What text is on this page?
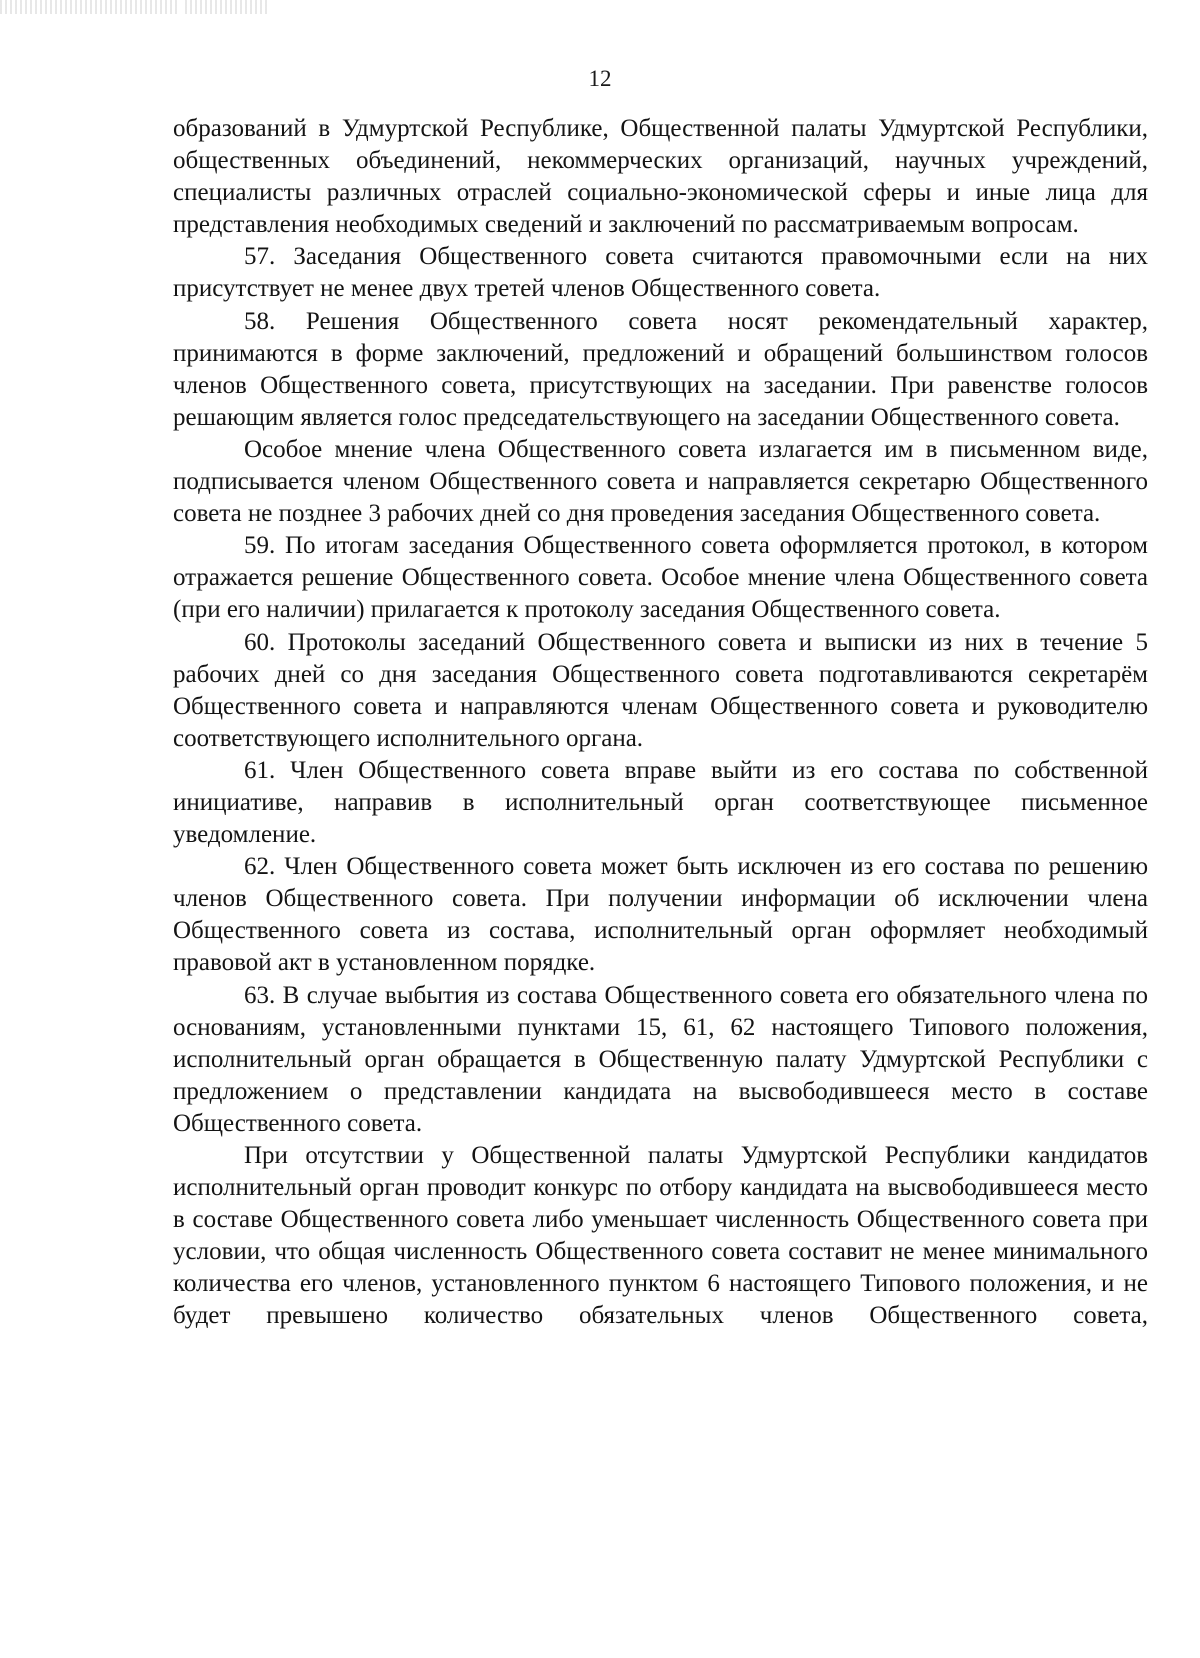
12

образований в Удмуртской Республике, Общественной палаты Удмуртской Республики, общественных объединений, некоммерческих организаций, научных учреждений, специалисты различных отраслей социально-экономической сферы и иные лица для представления необходимых сведений и заключений по рассматриваемым вопросам.

57. Заседания Общественного совета считаются правомочными если на них присутствует не менее двух третей членов Общественного совета.

58. Решения Общественного совета носят рекомендательный характер, принимаются в форме заключений, предложений и обращений большинством голосов членов Общественного совета, присутствующих на заседании. При равенстве голосов решающим является голос председательствующего на заседании Общественного совета.

Особое мнение члена Общественного совета излагается им в письменном виде, подписывается членом Общественного совета и направляется секретарю Общественного совета не позднее 3 рабочих дней со дня проведения заседания Общественного совета.

59. По итогам заседания Общественного совета оформляется протокол, в котором отражается решение Общественного совета. Особое мнение члена Общественного совета (при его наличии) прилагается к протоколу заседания Общественного совета.

60. Протоколы заседаний Общественного совета и выписки из них в течение 5 рабочих дней со дня заседания Общественного совета подготавливаются секретарём Общественного совета и направляются членам Общественного совета и руководителю соответствующего исполнительного органа.

61. Член Общественного совета вправе выйти из его состава по собственной инициативе, направив в исполнительный орган соответствующее письменное уведомление.

62. Член Общественного совета может быть исключен из его состава по решению членов Общественного совета. При получении информации об исключении члена Общественного совета из состава, исполнительный орган оформляет необходимый правовой акт в установленном порядке.

63. В случае выбытия из состава Общественного совета его обязательного члена по основаниям, установленными пунктами 15, 61, 62 настоящего Типового положения, исполнительный орган обращается в Общественную палату Удмуртской Республики с предложением о представлении кандидата на высвободившееся место в составе Общественного совета.

При отсутствии у Общественной палаты Удмуртской Республики кандидатов исполнительный орган проводит конкурс по отбору кандидата на высвободившееся место в составе Общественного совета либо уменьшает численность Общественного совета при условии, что общая численность Общественного совета составит не менее минимального количества его членов, установленного пунктом 6 настоящего Типового положения, и не будет превышено количество обязательных членов Общественного совета,
